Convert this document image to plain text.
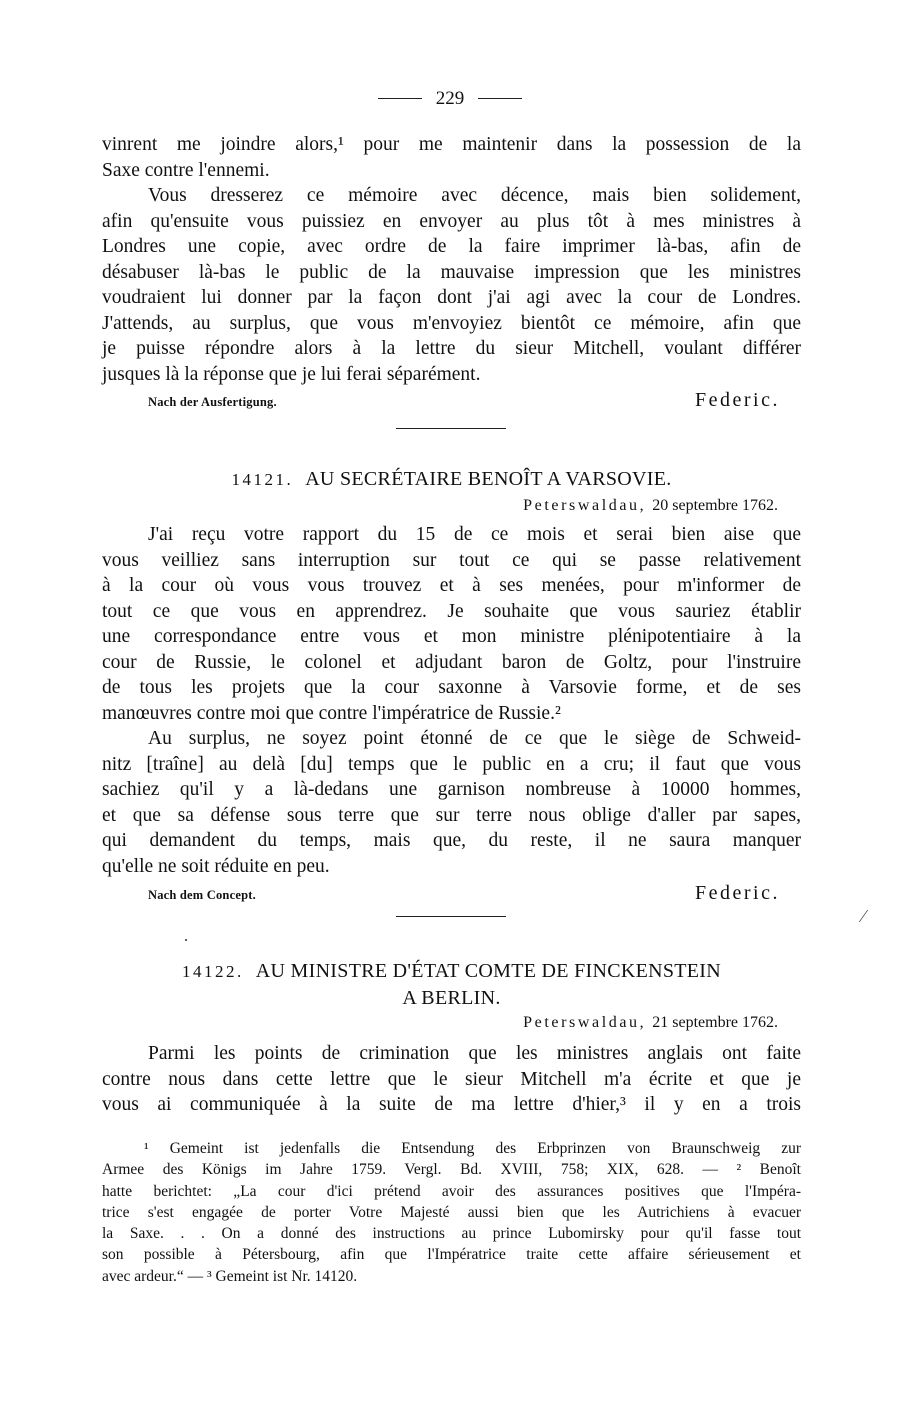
229

vinrent me joindre alors,¹ pour me maintenir dans la possession de la

Saxe contre l'ennemi.

Vous dresserez ce mémoire avec décence, mais bien solidement,

afin qu'ensuite vous puissiez en envoyer au plus tôt à mes ministres à

Londres une copie, avec ordre de la faire imprimer là-bas, afin de

désabuser là-bas le public de la mauvaise impression que les ministres

voudraient lui donner par la façon dont j'ai agi avec la cour de Londres.

J'attends, au surplus, que vous m'envoyiez bientôt ce mémoire, afin que

je puisse répondre alors à la lettre du sieur Mitchell, voulant différer

jusques là la réponse que je lui ferai séparément.

Nach der Ausfertigung.	Federic.
14121. AU SECRÉTAIRE BENOÎT A VARSOVIE.
Peterswaldau, 20 septembre 1762.

J'ai reçu votre rapport du 15 de ce mois et serai bien aise que

vous veilliez sans interruption sur tout ce qui se passe relativement

à la cour où vous vous trouvez et à ses menées, pour m'informer de

tout ce que vous en apprendrez. Je souhaite que vous sauriez établir

une correspondance entre vous et mon ministre plénipotentiaire à la

cour de Russie, le colonel et adjudant baron de Goltz, pour l'instruire

de tous les projets que la cour saxonne à Varsovie forme, et de ses

manœuvres contre moi que contre l'impératrice de Russie.²

Au surplus, ne soyez point étonné de ce que le siège de Schweid-

nitz [traîne] au delà [du] temps que le public en a cru; il faut que vous

sachiez qu'il y a là-dedans une garnison nombreuse à 10000 hommes,

et que sa défense sous terre que sur terre nous oblige d'aller par sapes,

qui demandent du temps, mais que, du reste, il ne saura manquer

qu'elle ne soit réduite en peu.

Nach dem Concept.	Federic.
·
⁄
14122. AU MINISTRE D'ÉTAT COMTE DE FINCKENSTEIN
A BERLIN.
Peterswaldau, 21 septembre 1762.

Parmi les points de crimination que les ministres anglais ont faite

contre nous dans cette lettre que le sieur Mitchell m'a écrite et que je

vous ai communiquée à la suite de ma lettre d'hier,³ il y en a trois

¹ Gemeint ist jedenfalls die Entsendung des Erbprinzen von Braunschweig zur

Armee des Königs im Jahre 1759. Vergl. Bd. XVIII, 758; XIX, 628. — ² Benoît

hatte berichtet: „La cour d'ici prétend avoir des assurances positives que l'Impéra-

trice s'est engagée de porter Votre Majesté aussi bien que les Autrichiens à evacuer

la Saxe. . . On a donné des instructions au prince Lubomirsky pour qu'il fasse tout

son possible à Pétersbourg, afin que l'Impératrice traite cette affaire sérieusement et

avec ardeur.“ — ³ Gemeint ist Nr. 14120.
